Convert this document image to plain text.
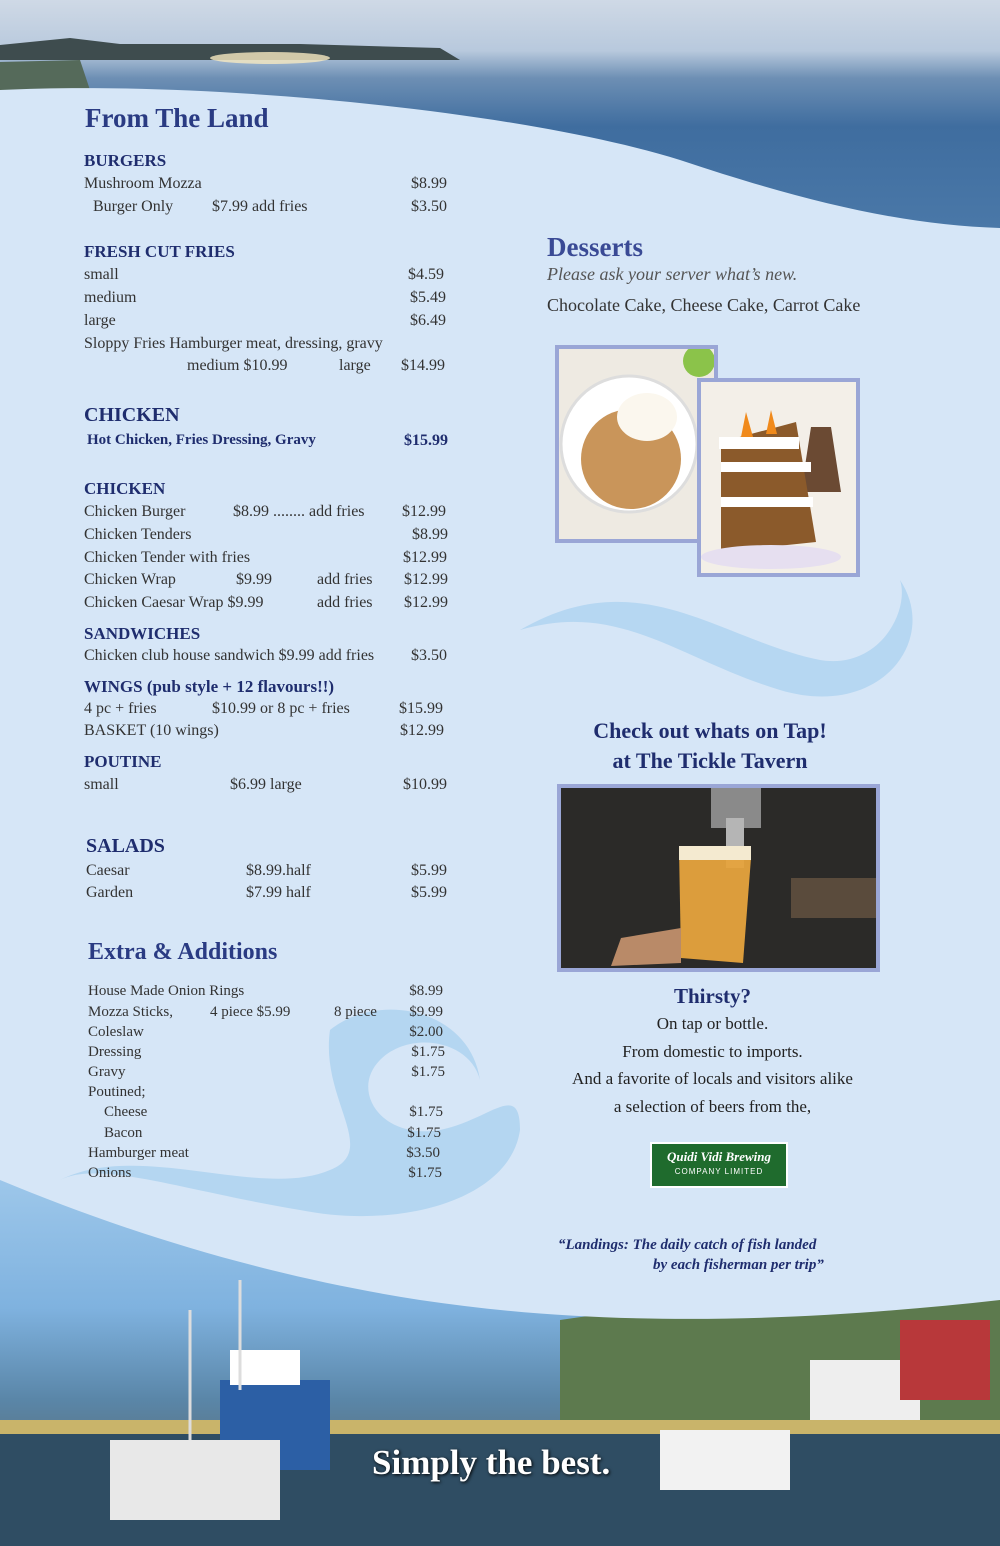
From The Land
BURGERS
Mushroom Mozza	$8.99
Burger Only $7.99 add fries	$3.50
FRESH CUT FRIES
small	$4.59
medium	$5.49
large	$6.49
Sloppy Fries Hamburger meat, dressing, gravy
medium $10.99	large	$14.99
CHICKEN
Hot Chicken, Fries Dressing, Gravy	$15.99
CHICKEN
Chicken Burger	$8.99 ........ add fries	$12.99
Chicken Tenders	$8.99
Chicken Tender with fries	$12.99
Chicken Wrap	$9.99	add fries	$12.99
Chicken Caesar Wrap $9.99	add fries	$12.99
SANDWICHES
Chicken club house sandwich $9.99 add fries	$3.50
WINGS (pub style + 12 flavours!!)
4 pc + fries	$10.99 or 8 pc + fries	$15.99
BASKET (10 wings)	$12.99
POUTINE
small	$6.99 large	$10.99
SALADS
Caesar	$8.99.half	$5.99
Garden	$7.99 half	$5.99
Extra & Additions
House Made Onion Rings	$8.99
Mozza Sticks, 4 piece $5.99	8 piece	$9.99
Coleslaw	$2.00
Dressing	$1.75
Gravy	$1.75
Poutined;
Cheese	$1.75
Bacon	$1.75
Hamburger meat	$3.50
Onions	$1.75
Desserts
Please ask your server what’s new.
Chocolate Cake, Cheese Cake, Carrot Cake
Check out whats on Tap!
at The Tickle Tavern
Thirsty?
On tap or bottle.
From domestic to imports.
And a favorite of locals and visitors alike
a selection of beers from the,
Quidi Vidi Brewing
COMPANY LIMITED
“Landings: The daily catch of fish landed
by each fisherman per trip”
Simply the best.
